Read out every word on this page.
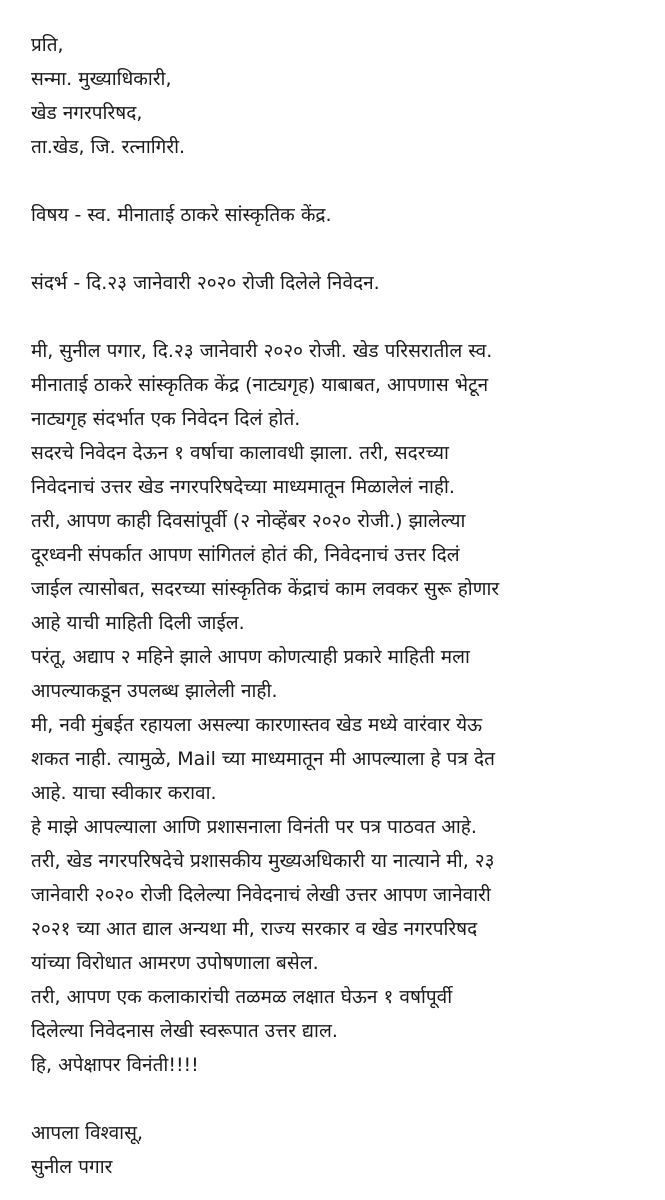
प्रति,
सन्मा. मुख्याधिकारी,
खेड नगरपरिषद,
ता.खेड, जि. रत्नागिरी.
विषय - स्व. मीनाताई ठाकरे सांस्कृतिक केंद्र.
संदर्भ - दि.२३ जानेवारी २०२० रोजी दिलेले निवेदन.
मी, सुनील पगार, दि.२३ जानेवारी २०२० रोजी. खेड परिसरातील स्व.
मीनाताई ठाकरे सांस्कृतिक केंद्र (नाट्यगृह) याबाबत, आपणास भेटून
नाट्यगृह संदर्भात एक निवेदन दिलं होतं.
सदरचे निवेदन देऊन १ वर्षाचा कालावधी झाला. तरी, सदरच्या
निवेदनाचं उत्तर खेड नगरपरिषदेच्या माध्यमातून मिळालेलं नाही.
तरी, आपण काही दिवसांपूर्वी (२ नोव्हेंबर २०२० रोजी.) झालेल्या
दूरध्वनी संपर्कात आपण सांगितलं होतं की, निवेदनाचं उत्तर दिलं
जाईल त्यासोबत, सदरच्या सांस्कृतिक केंद्राचं काम लवकर सुरू होणार
आहे याची माहिती दिली जाईल.
परंतू, अद्याप २ महिने झाले आपण कोणत्याही प्रकारे माहिती मला
आपल्याकडून उपलब्ध झालेली नाही.
मी, नवी मुंबईत रहायला असल्या कारणास्तव खेड मध्ये वारंवार येऊ
शकत नाही. त्यामुळे, Mail च्या माध्यमातून मी आपल्याला हे पत्र देत
आहे. याचा स्वीकार करावा.
हे माझे आपल्याला आणि प्रशासनाला विनंती पर पत्र पाठवत आहे.
तरी, खेड नगरपरिषदेचे प्रशासकीय मुख्यअधिकारी या नात्याने मी, २३
जानेवारी २०२० रोजी दिलेल्या निवेदनाचं लेखी उत्तर आपण जानेवारी
२०२१ च्या आत द्याल अन्यथा मी, राज्य सरकार व खेड नगरपरिषद
यांच्या विरोधात आमरण उपोषणाला बसेल.
तरी, आपण एक कलाकारांची तळमळ लक्षात घेऊन १ वर्षापूर्वी
दिलेल्या निवेदनास लेखी स्वरूपात उत्तर द्याल.
हि, अपेक्षापर विनंती!!!!
आपला विश्वासू,
सुनील पगार
